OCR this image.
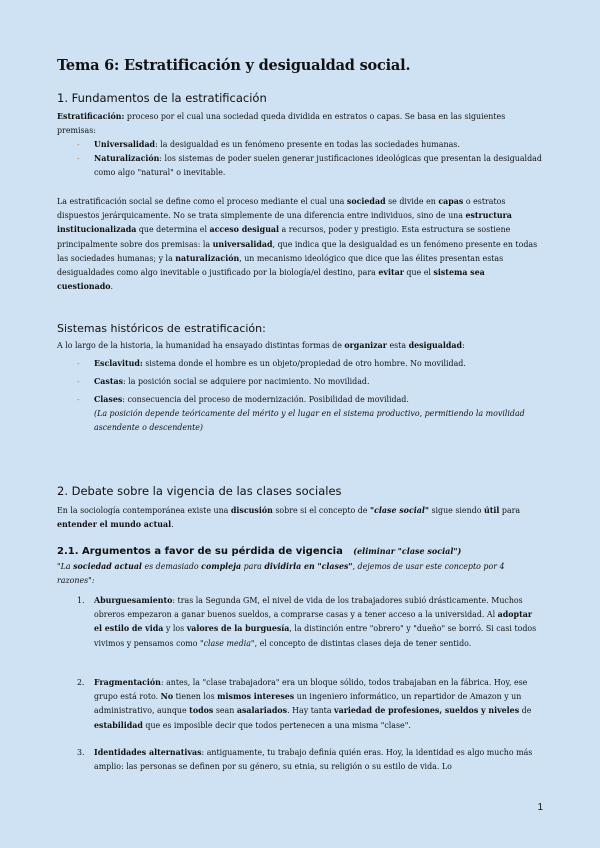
Tema 6: Estratificación y desigualdad social.
1. Fundamentos de la estratificación
Estratificación: proceso por el cual una sociedad queda dividida en estratos o capas. Se basa en las siguientes premisas:
- Universalidad: la desigualdad es un fenómeno presente en todas las sociedades humanas.
- Naturalización: los sistemas de poder suelen generar justificaciones ideológicas que presentan la desigualdad como algo "natural" o inevitable.
La estratificación social se define como el proceso mediante el cual una sociedad se divide en capas o estratos dispuestos jerárquicamente. No se trata simplemente de una diferencia entre individuos, sino de una estructura institucionalizada que determina el acceso desigual a recursos, poder y prestigio. Esta estructura se sostiene principalmente sobre dos premisas: la universalidad, que indica que la desigualdad es un fenómeno presente en todas las sociedades humanas; y la naturalización, un mecanismo ideológico que dice que las élites presentan estas desigualdades como algo inevitable o justificado por la biología/el destino, para evitar que el sistema sea cuestionado.
Sistemas históricos de estratificación:
A lo largo de la historia, la humanidad ha ensayado distintas formas de organizar esta desigualdad:
- Esclavitud: sistema donde el hombre es un objeto/propiedad de otro hombre. No movilidad.
- Castas: la posición social se adquiere por nacimiento. No movilidad.
- Clases: consecuencia del proceso de modernización. Posibilidad de movilidad.
(La posición depende teóricamente del mérito y el lugar en el sistema productivo, permitiendo la movilidad ascendente o descendente)
2. Debate sobre la vigencia de las clases sociales
En la sociología contemporánea existe una discusión sobre si el concepto de "clase social" sigue siendo útil para entender el mundo actual.
2.1. Argumentos a favor de su pérdida de vigencia (eliminar "clase social")
"La sociedad actual es demasiado compleja para dividirla en "clases", dejemos de usar este concepto por 4 razones":
1. Aburguesamiento: tras la Segunda GM, el nivel de vida de los trabajadores subió drásticamente. Muchos obreros empezaron a ganar buenos sueldos, a comprarse casas y a tener acceso a la universidad. Al adoptar el estilo de vida y los valores de la burguesía, la distinción entre "obrero" y "dueño" se borró. Si casi todos vivimos y pensamos como "clase media", el concepto de distintas clases deja de tener sentido.
2. Fragmentación: antes, la "clase trabajadora" era un bloque sólido, todos trabajaban en la fábrica. Hoy, ese grupo está roto. No tienen los mismos intereses un ingeniero informático, un repartidor de Amazon y un administrativo, aunque todos sean asalariados. Hay tanta variedad de profesiones, sueldos y niveles de estabilidad que es imposible decir que todos pertenecen a una misma "clase".
3. Identidades alternativas: antiguamente, tu trabajo definía quién eras. Hoy, la identidad es algo mucho más amplio: las personas se definen por su género, su etnia, su religión o su estilo de vida. Lo
1
